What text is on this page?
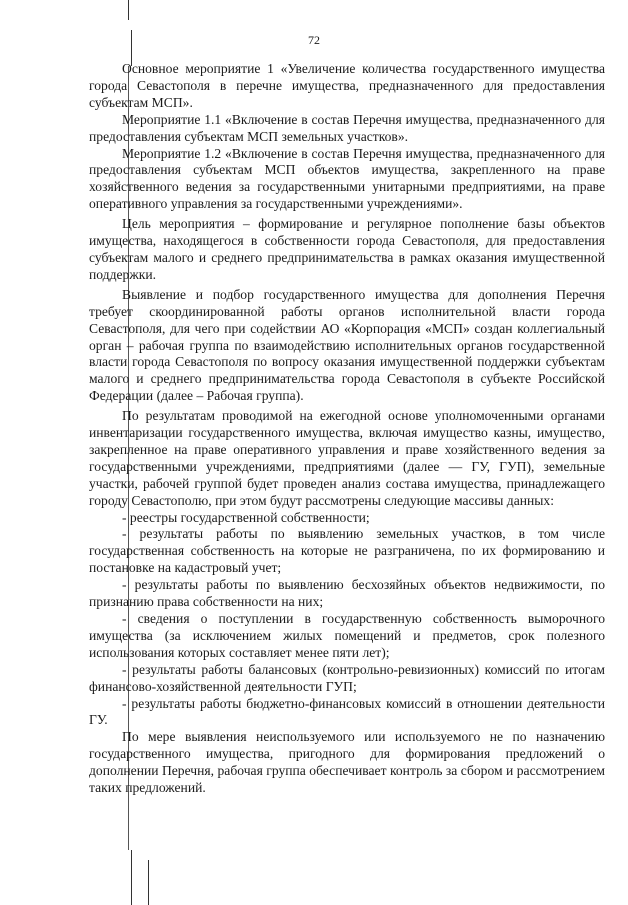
72

Основное мероприятие 1 «Увеличение количества государственного имущества города Севастополя в перечне имущества, предназначенного для предоставления субъектам МСП».

Мероприятие 1.1 «Включение в состав Перечня имущества, предназначенного для предоставления субъектам МСП земельных участков».

Мероприятие 1.2 «Включение в состав Перечня имущества, предназначенного для предоставления субъектам МСП объектов имущества, закрепленного на праве хозяйственного ведения за государственными унитарными предприятиями, на праве оперативного управления за государственными учреждениями».

Цель мероприятия – формирование и регулярное пополнение базы объектов имущества, находящегося в собственности города Севастополя, для предоставления субъектам малого и среднего предпринимательства в рамках оказания имущественной поддержки.

Выявление и подбор государственного имущества для дополнения Перечня требует скоординированной работы органов исполнительной власти города Севастополя, для чего при содействии АО «Корпорация «МСП» создан коллегиальный орган – рабочая группа по взаимодействию исполнительных органов государственной власти города Севастополя по вопросу оказания имущественной поддержки субъектам малого и среднего предпринимательства города Севастополя в субъекте Российской Федерации (далее – Рабочая группа).

По результатам проводимой на ежегодной основе уполномоченными органами инвентаризации государственного имущества, включая имущество казны, имущество, закрепленное на праве оперативного управления и праве хозяйственного ведения за государственными учреждениями, предприятиями (далее — ГУ, ГУП), земельные участки, рабочей группой будет проведен анализ состава имущества, принадлежащего городу Севастополю, при этом будут рассмотрены следующие массивы данных:

- реестры государственной собственности;

- результаты работы по выявлению земельных участков, в том числе государственная собственность на которые не разграничена, по их формированию и постановке на кадастровый учет;

- результаты работы по выявлению бесхозяйных объектов недвижимости, по признанию права собственности на них;

- сведения о поступлении в государственную собственность выморочного имущества (за исключением жилых помещений и предметов, срок полезного использования которых составляет менее пяти лет);

- результаты работы балансовых (контрольно-ревизионных) комиссий по итогам финансово-хозяйственной деятельности ГУП;

- результаты работы бюджетно-финансовых комиссий в отношении деятельности ГУ.

По мере выявления неиспользуемого или используемого не по назначению государственного имущества, пригодного для формирования предложений о дополнении Перечня, рабочая группа обеспечивает контроль за сбором и рассмотрением таких предложений.
